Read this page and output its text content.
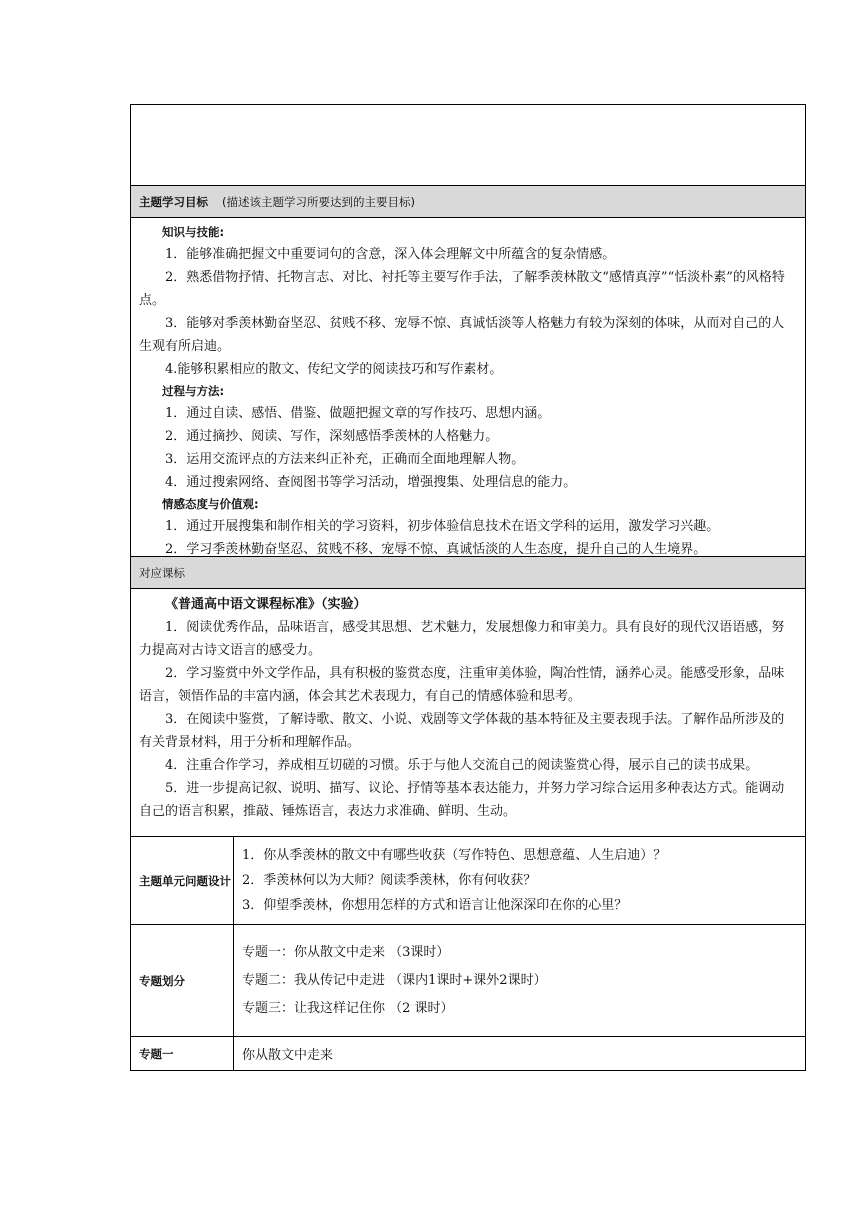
主题学习目标 (描述该主题学习所要达到的主要目标)

知识与技能:

1．能够准确把握文中重要词句的含意，深入体会理解文中所蕴含的复杂情感。

2．熟悉借物抒情、托物言志、对比、衬托等主要写作手法，了解季羡林散文“感情真淳”“恬淡朴素”的风格特点。

3．能够对季羡林勤奋坚忍、贫贱不移、宠辱不惊、真诚恬淡等人格魅力有较为深刻的体味，从而对自己的人生观有所启迪。

4.能够积累相应的散文、传纪文学的阅读技巧和写作素材。

过程与方法:

1．通过自读、感悟、借鉴、做题把握文章的写作技巧、思想内涵。

2．通过摘抄、阅读、写作，深刻感悟季羡林的人格魅力。

3．运用交流评点的方法来纠正补充，正确而全面地理解人物。

4．通过搜索网络、查阅图书等学习活动，增强搜集、处理信息的能力。

情感态度与价值观:

1．通过开展搜集和制作相关的学习资料，初步体验信息技术在语文学科的运用，激发学习兴趣。

2．学习季羡林勤奋坚忍、贫贱不移、宠辱不惊、真诚恬淡的人生态度，提升自己的人生境界。

对应课标

《普通高中语文课程标准》（实验）

1．阅读优秀作品，品味语言，感受其思想、艺术魅力，发展想像力和审美力。具有良好的现代汉语语感，努力提高对古诗文语言的感受力。

2．学习鉴赏中外文学作品，具有积极的鉴赏态度，注重审美体验，陶冶性情，涵养心灵。能感受形象，品味语言，领悟作品的丰富内涵，体会其艺术表现力，有自己的情感体验和思考。

3．在阅读中鉴赏，了解诗歌、散文、小说、戏剧等文学体裁的基本特征及主要表现手法。了解作品所涉及的有关背景材料，用于分析和理解作品。

4．注重合作学习，养成相互切磋的习惯。乐于与他人交流自己的阅读鉴赏心得，展示自己的读书成果。

5．进一步提高记叙、说明、描写、议论、抒情等基本表达能力，并努力学习综合运用多种表达方式。能调动自己的语言积累，推敲、锤炼语言，表达力求准确、鲜明、生动。

主题单元问题设计
1．你从季羡林的散文中有哪些收获（写作特色、思想意蕴、人生启迪）？
2．季羡林何以为大师？阅读季羡林，你有何收获？
3．仰望季羡林，你想用怎样的方式和语言让他深深印在你的心里？
专题划分
专题一：你从散文中走来 （3课时）
专题二：我从传记中走进 （课内1课时+课外2课时）
专题三：让我这样记住你 （2 课时）
专题一	你从散文中走来
